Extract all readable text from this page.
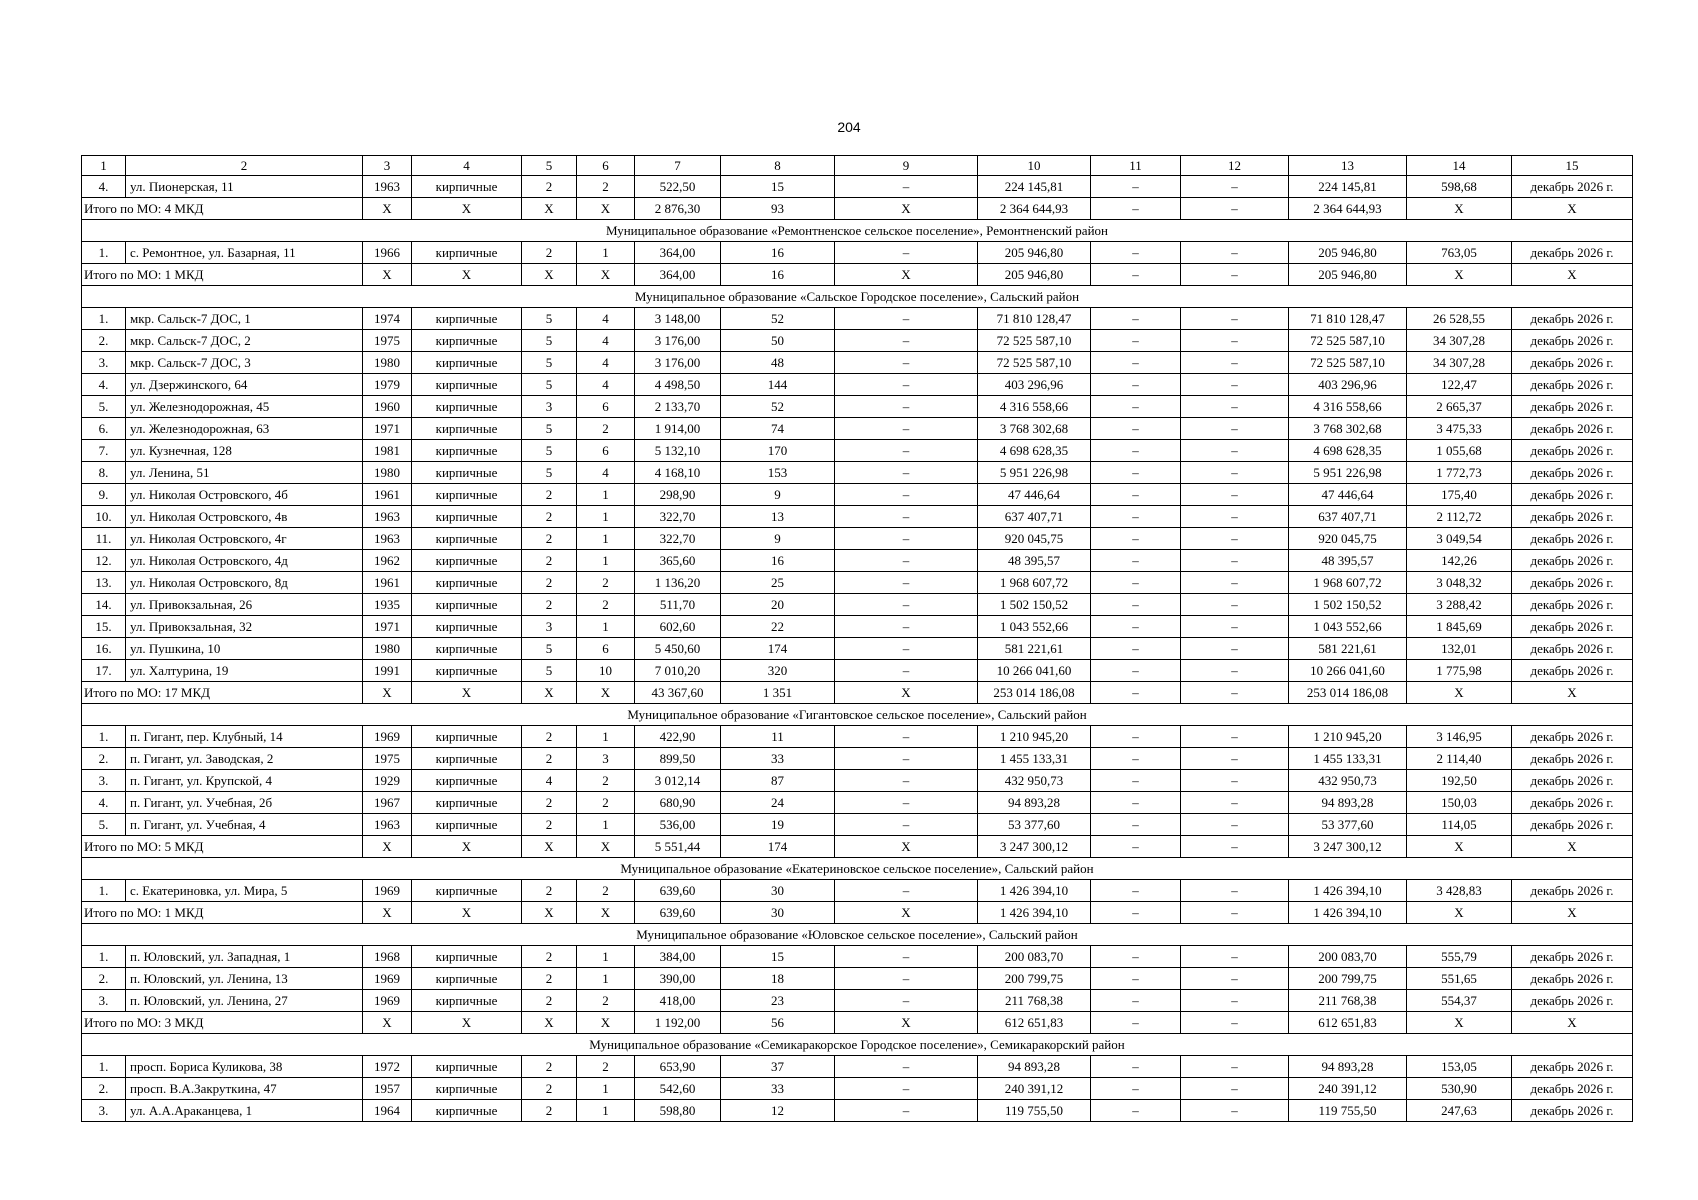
204
1	2	3	4	5	6	7	8	9	10	11	12	13	14	15
4.	ул. Пионерская, 11	1963	кирпичные	2	2	522,50	15	–	224 145,81	–	–	224 145,81	598,68	декабрь 2026 г.
Итого по МО: 4 МКД		X	X	X	X	2 876,30	93	X	2 364 644,93	–	–	2 364 644,93	X	X
Муниципальное образование «Ремонтненское сельское поселение», Ремонтненский район														
1.	с. Ремонтное, ул. Базарная, 11	1966	кирпичные	2	1	364,00	16	–	205 946,80	–	–	205 946,80	763,05	декабрь 2026 г.
Итого по МО: 1 МКД		X	X	X	X	364,00	16	X	205 946,80	–	–	205 946,80	X	X
Муниципальное образование «Сальское Городское поселение», Сальский район														
1.	мкр. Сальск-7 ДОС, 1	1974	кирпичные	5	4	3 148,00	52	–	71 810 128,47	–	–	71 810 128,47	26 528,55	декабрь 2026 г.
2.	мкр. Сальск-7 ДОС, 2	1975	кирпичные	5	4	3 176,00	50	–	72 525 587,10	–	–	72 525 587,10	34 307,28	декабрь 2026 г.
3.	мкр. Сальск-7 ДОС, 3	1980	кирпичные	5	4	3 176,00	48	–	72 525 587,10	–	–	72 525 587,10	34 307,28	декабрь 2026 г.
4.	ул. Дзержинского, 64	1979	кирпичные	5	4	4 498,50	144	–	403 296,96	–	–	403 296,96	122,47	декабрь 2026 г.
5.	ул. Железнодорожная, 45	1960	кирпичные	3	6	2 133,70	52	–	4 316 558,66	–	–	4 316 558,66	2 665,37	декабрь 2026 г.
6.	ул. Железнодорожная, 63	1971	кирпичные	5	2	1 914,00	74	–	3 768 302,68	–	–	3 768 302,68	3 475,33	декабрь 2026 г.
7.	ул. Кузнечная, 128	1981	кирпичные	5	6	5 132,10	170	–	4 698 628,35	–	–	4 698 628,35	1 055,68	декабрь 2026 г.
8.	ул. Ленина, 51	1980	кирпичные	5	4	4 168,10	153	–	5 951 226,98	–	–	5 951 226,98	1 772,73	декабрь 2026 г.
9.	ул. Николая Островского, 4б	1961	кирпичные	2	1	298,90	9	–	47 446,64	–	–	47 446,64	175,40	декабрь 2026 г.
10.	ул. Николая Островского, 4в	1963	кирпичные	2	1	322,70	13	–	637 407,71	–	–	637 407,71	2 112,72	декабрь 2026 г.
11.	ул. Николая Островского, 4г	1963	кирпичные	2	1	322,70	9	–	920 045,75	–	–	920 045,75	3 049,54	декабрь 2026 г.
12.	ул. Николая Островского, 4д	1962	кирпичные	2	1	365,60	16	–	48 395,57	–	–	48 395,57	142,26	декабрь 2026 г.
13.	ул. Николая Островского, 8д	1961	кирпичные	2	2	1 136,20	25	–	1 968 607,72	–	–	1 968 607,72	3 048,32	декабрь 2026 г.
14.	ул. Привокзальная, 26	1935	кирпичные	2	2	511,70	20	–	1 502 150,52	–	–	1 502 150,52	3 288,42	декабрь 2026 г.
15.	ул. Привокзальная, 32	1971	кирпичные	3	1	602,60	22	–	1 043 552,66	–	–	1 043 552,66	1 845,69	декабрь 2026 г.
16.	ул. Пушкина, 10	1980	кирпичные	5	6	5 450,60	174	–	581 221,61	–	–	581 221,61	132,01	декабрь 2026 г.
17.	ул. Халтурина, 19	1991	кирпичные	5	10	7 010,20	320	–	10 266 041,60	–	–	10 266 041,60	1 775,98	декабрь 2026 г.
Итого по МО: 17 МКД		X	X	X	X	43 367,60	1 351	X	253 014 186,08	–	–	253 014 186,08	X	X
Муниципальное образование «Гигантовское сельское поселение», Сальский район														
1.	п. Гигант, пер. Клубный, 14	1969	кирпичные	2	1	422,90	11	–	1 210 945,20	–	–	1 210 945,20	3 146,95	декабрь 2026 г.
2.	п. Гигант, ул. Заводская, 2	1975	кирпичные	2	3	899,50	33	–	1 455 133,31	–	–	1 455 133,31	2 114,40	декабрь 2026 г.
3.	п. Гигант, ул. Крупской, 4	1929	кирпичные	4	2	3 012,14	87	–	432 950,73	–	–	432 950,73	192,50	декабрь 2026 г.
4.	п. Гигант, ул. Учебная, 2б	1967	кирпичные	2	2	680,90	24	–	94 893,28	–	–	94 893,28	150,03	декабрь 2026 г.
5.	п. Гигант, ул. Учебная, 4	1963	кирпичные	2	1	536,00	19	–	53 377,60	–	–	53 377,60	114,05	декабрь 2026 г.
Итого по МО: 5 МКД		X	X	X	X	5 551,44	174	X	3 247 300,12	–	–	3 247 300,12	X	X
Муниципальное образование «Екатериновское сельское поселение», Сальский район														
1.	с. Екатериновка, ул. Мира, 5	1969	кирпичные	2	2	639,60	30	–	1 426 394,10	–	–	1 426 394,10	3 428,83	декабрь 2026 г.
Итого по МО: 1 МКД		X	X	X	X	639,60	30	X	1 426 394,10	–	–	1 426 394,10	X	X
Муниципальное образование «Юловское сельское поселение», Сальский район														
1.	п. Юловский, ул. Западная, 1	1968	кирпичные	2	1	384,00	15	–	200 083,70	–	–	200 083,70	555,79	декабрь 2026 г.
2.	п. Юловский, ул. Ленина, 13	1969	кирпичные	2	1	390,00	18	–	200 799,75	–	–	200 799,75	551,65	декабрь 2026 г.
3.	п. Юловский, ул. Ленина, 27	1969	кирпичные	2	2	418,00	23	–	211 768,38	–	–	211 768,38	554,37	декабрь 2026 г.
Итого по МО: 3 МКД		X	X	X	X	1 192,00	56	X	612 651,83	–	–	612 651,83	X	X
Муниципальное образование «Семикаракорское Городское поселение», Семикаракорский район														
1.	просп. Бориса Куликова, 38	1972	кирпичные	2	2	653,90	37	–	94 893,28	–	–	94 893,28	153,05	декабрь 2026 г.
2.	просп. В.А.Закруткина, 47	1957	кирпичные	2	1	542,60	33	–	240 391,12	–	–	240 391,12	530,90	декабрь 2026 г.
3.	ул. А.А.Араканцева, 1	1964	кирпичные	2	1	598,80	12	–	119 755,50	–	–	119 755,50	247,63	декабрь 2026 г.
